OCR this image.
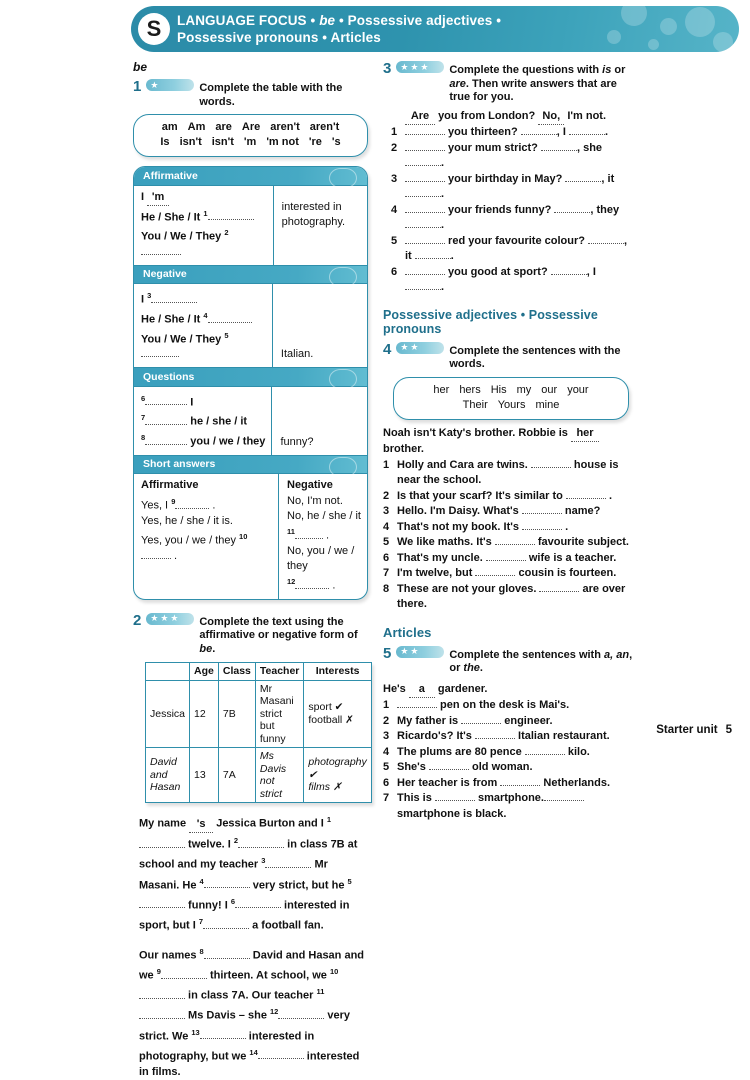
S	LANGUAGE FOCUS • be • Possessive adjectives •
Possessive pronouns • Articles
be
1 ★	Complete the table with the words.
am Am are Are aren't aren't
Is isn't isn't 'm 'm not 're 's
Affirmative
I 'm
He / She / It $^1$
You / We / They $^2$
interested in photography.
Negative
I $^3$
He / She / It $^4$
You / We / They $^5$
Italian.
Questions
$^6$	I
$^7$	he / she / it
$^8$	you / we / they funny?
Short answers
Affirmative
Yes, I $^9$	.
Yes, he / she / it is.
Yes, you / we / they $^{10}$ .
Negative
No, I'm not.
No, he / she / it $^{11}$	.
No, you / we / they
$^{12}$	.
2 ★ ★ ★ Complete the text using the affirmative or negative form of be.
	Age	Class	Teacher	Interests
Jessica	12	7B	Mr Masani strict but funny	sport ✔
football ✗

David and Hasan	13	7A	Ms Davis not strict	photography ✔
films ✗
My name 's Jessica Burton and I $^1$ twelve. I $^2$	in class 7B at school and my teacher $^3$	Mr Masani. He $^4$	very strict, but he $^5$ funny! I $^6$	interested in sport, but I $^7$	a football fan.
Our names $^8$	David and Hasan and we $^9$	thirteen. At school, we $^{10}$ in class 7A. Our teacher $^{11}$ Ms Davis – she $^{12}$	very strict. We $^{13}$	interested in photography, but we $^{14}$	interested in films.
3 ★ ★ ★ Complete the questions with is or are. Then write answers that are true for you.
Are you from London? No, I'm not.
1	you thirteen?	, I	.
2	your mum strict?	, she .
3	your birthday in May?	, it .
4	your friends funny?	, they .
5	red your favourite colour?	, it	.
6	you good at sport?	, I .
Possessive adjectives • Possessive pronouns
4 ★ ★	Complete the sentences with the words.
her hers His my our your
Their Yours mine
Noah isn't Katy's brother. Robbie is her brother.
1 Holly and Cara are twins.	house is near the school.
2 Is that your scarf? It's similar to	.
3 Hello. I'm Daisy. What's	name?
4 That's not my book. It's	.
5 We like maths. It's	favourite subject.
6 That's my uncle.	wife is a teacher.
7 I'm twelve, but	cousin is fourteen.
8 These are not your gloves.	are over there.
Articles
5 ★ ★	Complete the sentences with a, an, or the.
He's a gardener.
1	pen on the desk is Mai's.
2 My father is	engineer.
3 Ricardo's? It's	Italian restaurant.
4 The plums are 80 pence	kilo.
5 She's	old woman.
6 Her teacher is from	Netherlands.
7 This is	smartphone. smartphone is black.
Starter unit 5
